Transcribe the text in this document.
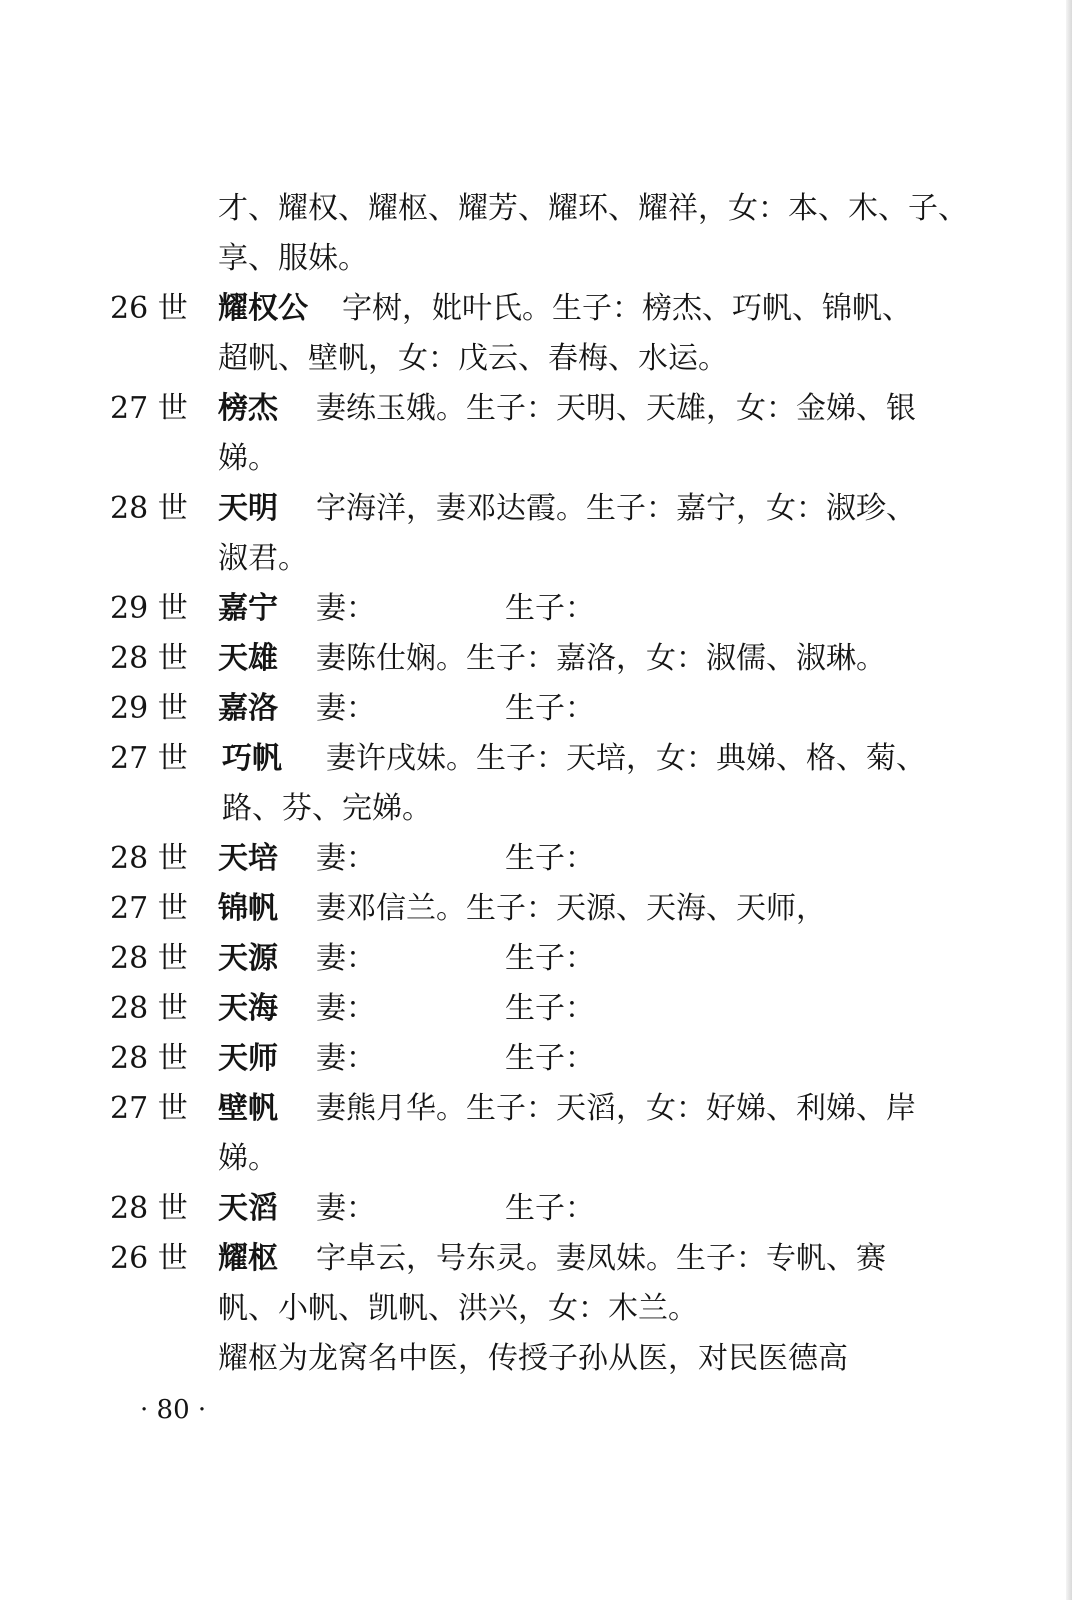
才、耀权、耀枢、耀芳、耀环、耀祥，女：本、木、子、
享、服妹。
26 世	耀权公 字树，妣叶氏。生子：榜杰、巧帆、锦帆、
超帆、壁帆，女：戊云、春梅、水运。
27 世	榜杰 妻练玉娥。生子：天明、天雄，女：金娣、银
娣。
28 世	天明 字海洋，妻邓达霞。生子：嘉宁，女：淑珍、
淑君。
29 世	嘉宁 妻：	生子：
28 世	天雄 妻陈仕娴。生子：嘉洛，女：淑儒、淑琳。
29 世	嘉洛 妻：	生子：
27 世	巧帆 妻许戌妹。生子：天培，女：典娣、格、菊、
路、芬、完娣。
28 世	天培 妻：	生子：
27 世	锦帆 妻邓信兰。生子：天源、天海、天师，
28 世	天源 妻：	生子：
28 世	天海 妻：	生子：
28 世	天师 妻：	生子：
27 世	壁帆 妻熊月华。生子：天滔，女：好娣、利娣、岸
娣。
28 世	天滔 妻：	生子：
26 世	耀枢 字卓云，号东灵。妻凤妹。生子：专帆、赛
帆、小帆、凯帆、洪兴，女：木兰。
耀枢为龙窝名中医，传授子孙从医，对民医德高
· 80 ·
